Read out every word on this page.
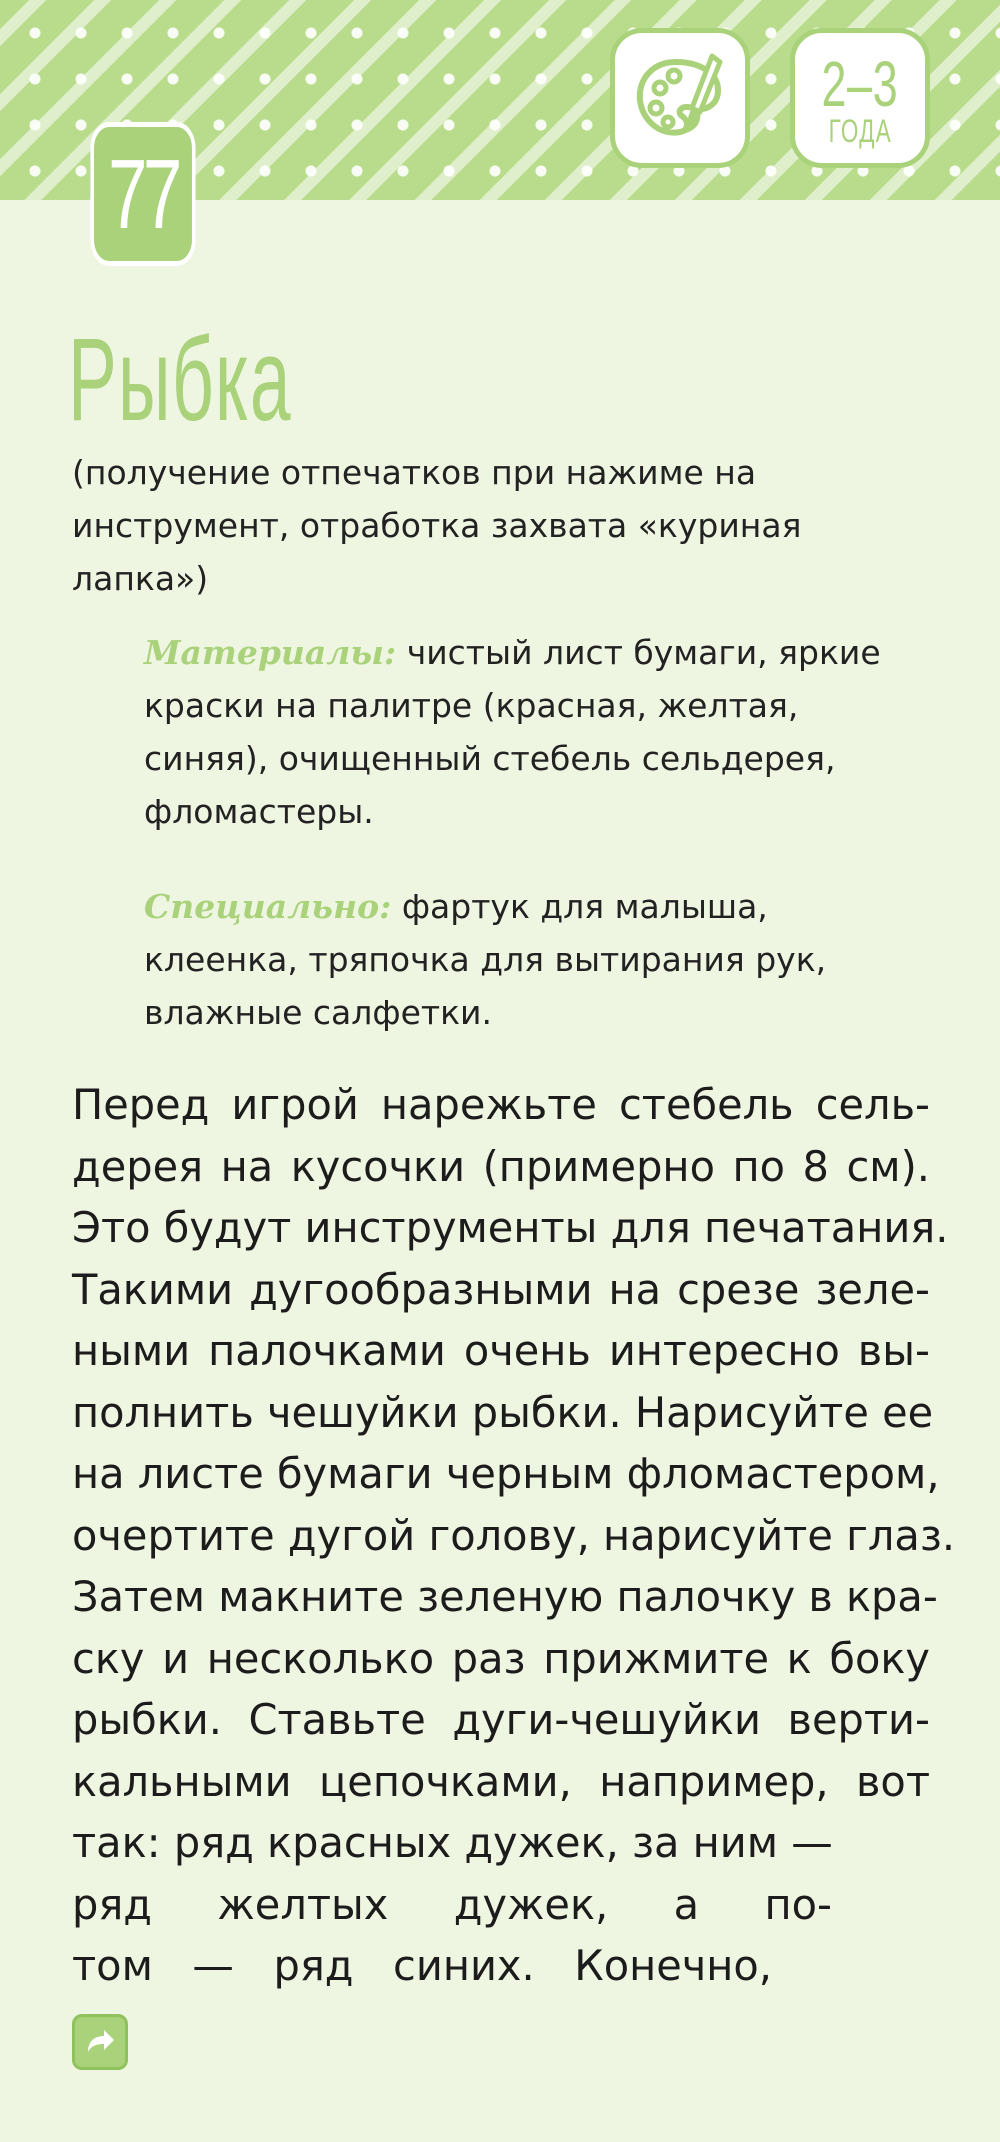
77
2–3
ГОДА
Рыбка

(получение отпечатков при нажиме на инструмент, отработка захвата «куриная лапка»)

Материалы: чистый лист бумаги, яркие краски на палитре (красная, желтая, синяя), очищенный стебель сельдерея, фломастеры.

Специально: фартук для малыша, клеенка, тряпочка для вытирания рук, влажные салфетки.

Перед игрой нарежьте стебель сель-
дерея на кусочки (примерно по 8 см).
Это будут инструменты для печатания.
Такими дугообразными на срезе зеле-
ными палочками очень интересно вы-
полнить чешуйки рыбки. Нарисуйте ее
на листе бумаги черным фломастером,
очертите дугой голову, нарисуйте глаз.
Затем макните зеленую палочку в кра-
ску и несколько раз прижмите к боку
рыбки. Ставьте дуги-чешуйки верти-
кальными цепочками, например, вот
так: ряд красных дужек, за ним —
ряд желтых дужек, а по-
том — ряд синих. Конечно,
